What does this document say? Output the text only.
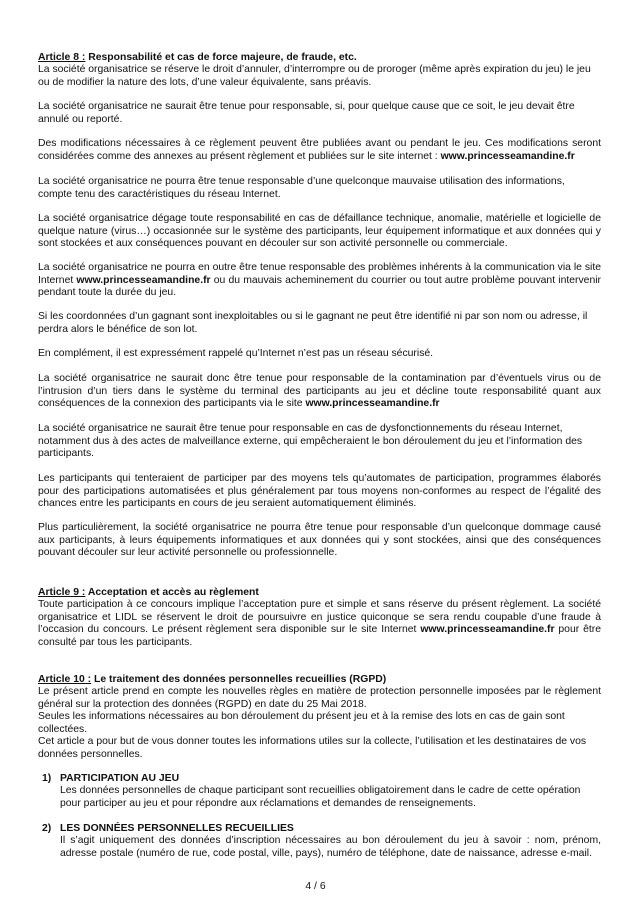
Article 8 : Responsabilité et cas de force majeure, de fraude, etc.
La société organisatrice se réserve le droit d’annuler, d’interrompre ou de proroger (même après expiration du jeu) le jeu ou de modifier la nature des lots, d’une valeur équivalente, sans préavis.
La société organisatrice ne saurait être tenue pour responsable, si, pour quelque cause que ce soit, le jeu devait être annulé ou reporté.
Des modifications nécessaires à ce règlement peuvent être publiées avant ou pendant le jeu. Ces modifications seront considérées comme des annexes au présent règlement et publiées sur le site internet : www.princesseamandine.fr
La société organisatrice ne pourra être tenue responsable d’une quelconque mauvaise utilisation des informations, compte tenu des caractéristiques du réseau Internet.
La société organisatrice dégage toute responsabilité en cas de défaillance technique, anomalie, matérielle et logicielle de quelque nature (virus…) occasionnée sur le système des participants, leur équipement informatique et aux données qui y sont stockées et aux conséquences pouvant en découler sur son activité personnelle ou commerciale.
La société organisatrice ne pourra en outre être tenue responsable des problèmes inhérents à la communication via le site Internet www.princesseamandine.fr ou du mauvais acheminement du courrier ou tout autre problème pouvant intervenir pendant toute la durée du jeu.
Si les coordonnées d’un gagnant sont inexploitables ou si le gagnant ne peut être identifié ni par son nom ou adresse, il perdra alors le bénéfice de son lot.
En complément, il est expressément rappelé qu’Internet n’est pas un réseau sécurisé.
La société organisatrice ne saurait donc être tenue pour responsable de la contamination par d’éventuels virus ou de l’intrusion d’un tiers dans le système du terminal des participants au jeu et décline toute responsabilité quant aux conséquences de la connexion des participants via le site www.princesseamandine.fr
La société organisatrice ne saurait être tenue pour responsable en cas de dysfonctionnements du réseau Internet, notamment dus à des actes de malveillance externe, qui empêcheraient le bon déroulement du jeu et l’information des participants.
Les participants qui tenteraient de participer par des moyens tels qu’automates de participation, programmes élaborés pour des participations automatisées et plus généralement par tous moyens non-conformes au respect de l’égalité des chances entre les participants en cours de jeu seraient automatiquement éliminés.
Plus particulièrement, la société organisatrice ne pourra être tenue pour responsable d’un quelconque dommage causé aux participants, à leurs équipements informatiques et aux données qui y sont stockées, ainsi que des conséquences pouvant découler sur leur activité personnelle ou professionnelle.
Article 9 : Acceptation et accès au règlement
Toute participation à ce concours implique l’acceptation pure et simple et sans réserve du présent règlement. La société organisatrice et LIDL se réservent le droit de poursuivre en justice quiconque se sera rendu coupable d’une fraude à l’occasion du concours. Le présent règlement sera disponible sur le site Internet www.princesseamandine.fr pour être consulté par tous les participants.
Article 10 : Le traitement des données personnelles recueillies (RGPD)
Le présent article prend en compte les nouvelles règles en matière de protection personnelle imposées par le règlement général sur la protection des données (RGPD) en date du 25 Mai 2018.
Seules les informations nécessaires au bon déroulement du présent jeu et à la remise des lots en cas de gain sont collectées.
Cet article a pour but de vous donner toutes les informations utiles sur la collecte, l’utilisation et les destinataires de vos données personnelles.
1) PARTICIPATION AU JEU
Les données personnelles de chaque participant sont recueillies obligatoirement dans le cadre de cette opération pour participer au jeu et pour répondre aux réclamations et demandes de renseignements.
2) LES DONNÉES PERSONNELLES RECUEILLIES
Il s’agit uniquement des données d’inscription nécessaires au bon déroulement du jeu à savoir : nom, prénom, adresse postale (numéro de rue, code postal, ville, pays), numéro de téléphone, date de naissance, adresse e-mail.
4 / 6
